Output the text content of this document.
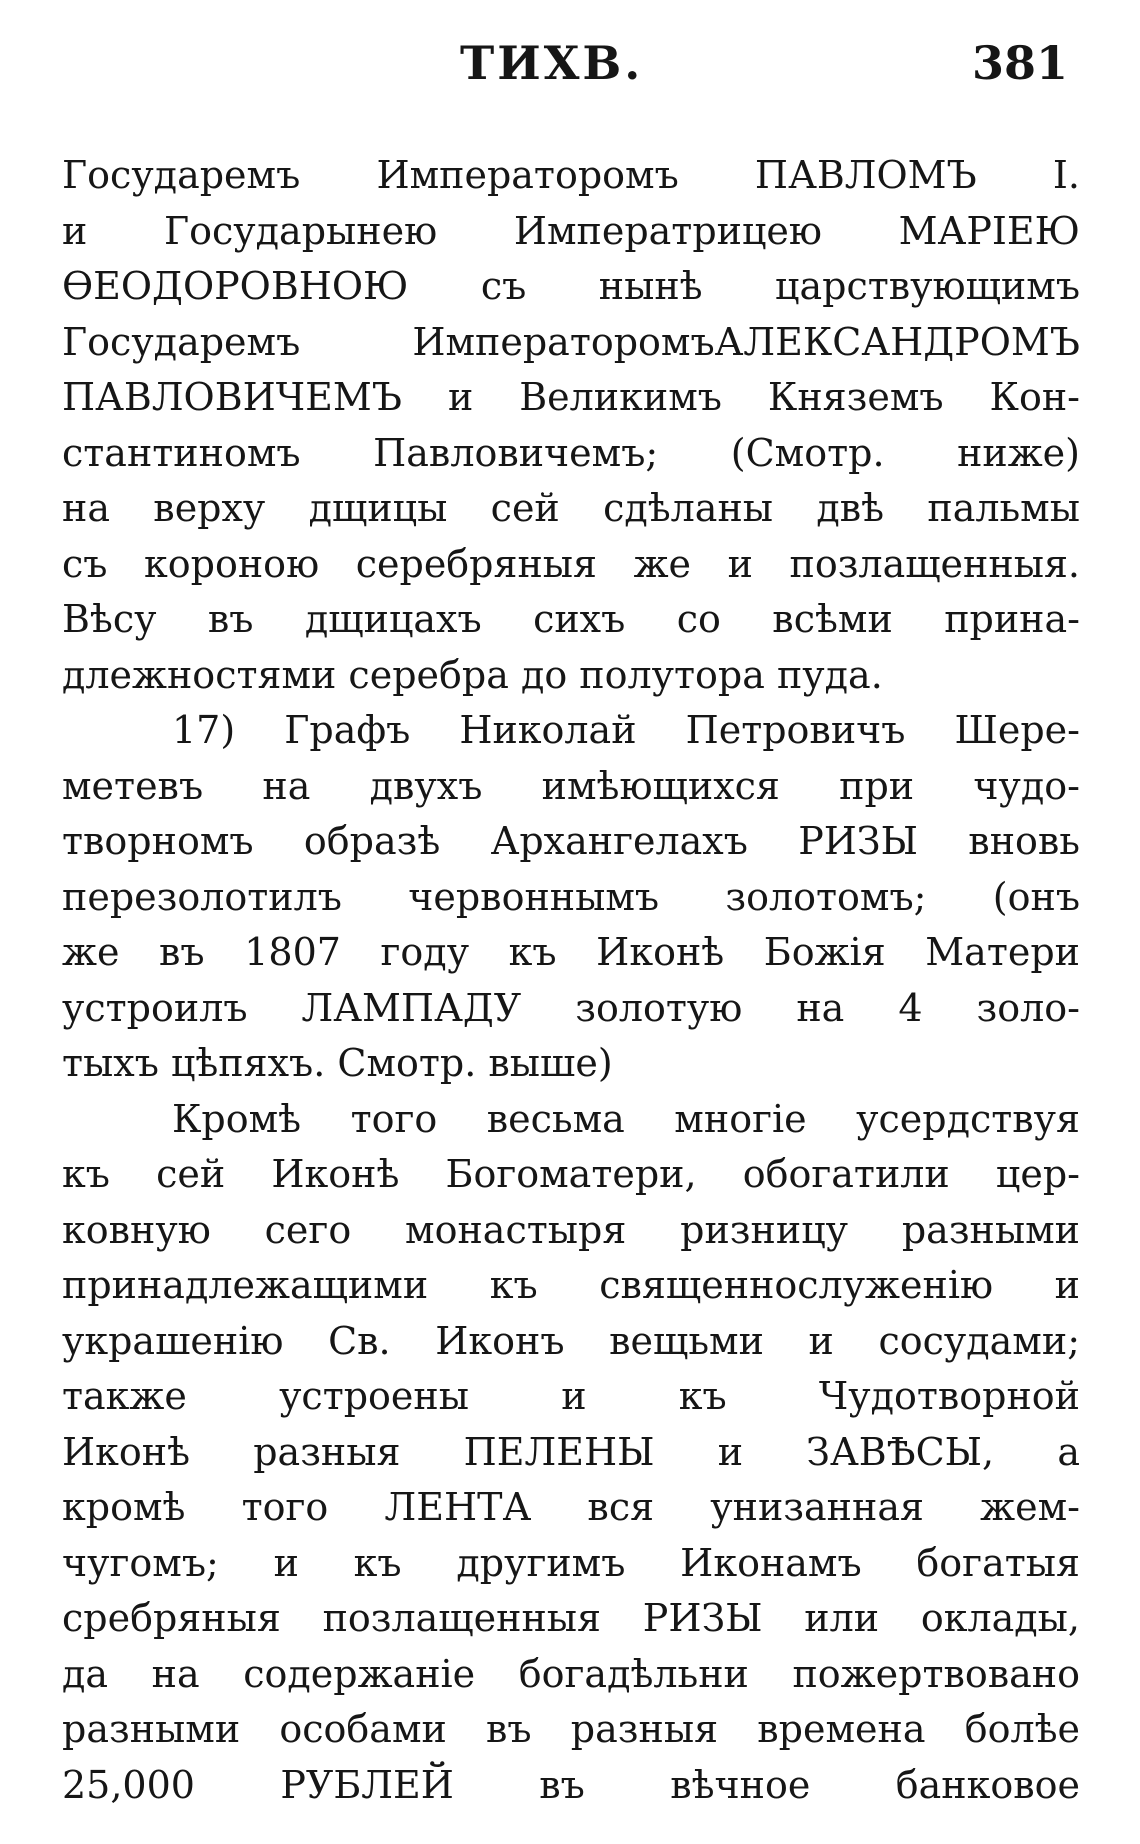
ТИХВ.	381
Государемъ Императоромъ ПАВЛОМЪ I.
и Государынею Императрицею МАРІЕЮ
ѲЕОДОРОВНОЮ съ нынѣ царствующимъ
Государемъ ИмператоромъАЛЕКСАНДРОМЪ
ПАВЛОВИЧЕМЪ и Великимъ Княземъ Кон-
стантиномъ Павловичемъ; (Смотр. ниже)
на верху дщицы сей сдѣланы двѣ пальмы
съ короною серебряныя же и позлащенныя.
Вѣсу въ дщицахъ сихъ со всѣми прина-
длежностями серебра до полутора пуда.
17) Графъ Николай Петровичъ Шере-
метевъ на двухъ имѣющихся при чудо-
творномъ образѣ Архангелахъ РИЗЫ вновь
перезолотилъ червоннымъ золотомъ; (онъ
же въ 1807 году къ Иконѣ Божія Матери
устроилъ ЛАМПАДУ золотую на 4 золо-
тыхъ цѣпяхъ. Смотр. выше)
Кромѣ того весьма многіе усердствуя
къ сей Иконѣ Богоматери, обогатили цер-
ковную сего монастыря ризницу разными
принадлежащими къ священнослуженію и
украшенію Св. Иконъ вещьми и сосудами;
также устроены и къ Чудотворной
Иконѣ разныя ПЕЛЕНЫ и ЗАВѢСЫ, а
кромѣ того ЛЕНТА вся унизанная жем-
чугомъ; и къ другимъ Иконамъ богатыя
сребряныя позлащенныя РИЗЫ или оклады,
да на содержаніе богадѣльни пожертвовано
разными особами въ разныя времена болѣе
25,000 РУБЛЕЙ въ вѣчное банковое
